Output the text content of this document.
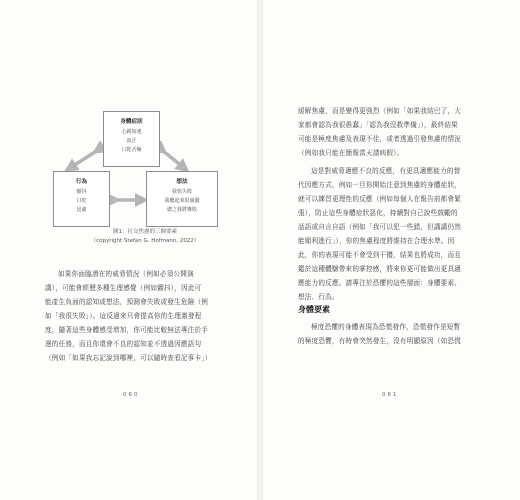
身體症狀
心跳加速
流汗
口乾舌燥
行為
顫抖
口吃
迅避
想法
我快失敗
我聽起來很愚蠢
總之我將慘敗
圖1：社交焦慮的三個要素
（copyright Stefan G. Hofmann, 2022）
如果你面臨潛在的威脅情況（例如必須公開演
講），可能會經歷多種生理感覺（例如顫抖），因此可
能產生負面的認知或想法，預測會失敗或發生危險（例
如「我很失敗」）。這反過來只會提高你的生理激發程
度，隨著這些身體感受增加，你可能比較無法專注於手
邊的任務，而且你還會不良的認知並不透過因應語句
（例如「如果我忘記說到哪裡，可以隨時查看記事卡」）
060
緩解焦慮，而是變得更強烈（例如「如果我結巴了，大
家都會認為我很愚蠢」「認為我沒救準備」），最終結果
可能是極度焦慮及表現不佳，或者透過引發焦慮的情況
（例如我只能在簡報當天請病假）。
這是對威脅適應不良的反應，有更具適應能力的替
代因應方式，例如一旦你開始注意到焦慮的身體症狀，
就可以練習更理性的反應（例如每個人在報告前都會緊
張），防止這些身體症狀惡化，持續對自己說些鼓勵的
話語或自言自語（例如「我可以犯一些錯，但講講仍然
能順利進行」），你的焦慮程度將維持在合理水準。因
此，你的表現可能不會受到干擾，結果也將成功，而且
鑑於這種體驗帶來的掌控感，將來你更可能做出更具適
應能力的反應。請專注於恐懼的這些層面：身體要素、
想法、行為。
身體要素
極度恐懼的身體表現為恐慌發作，恐慌發作是短暫
的極度恐懼，有時會突然發生，沒有明顯原因（如恐慌
061
